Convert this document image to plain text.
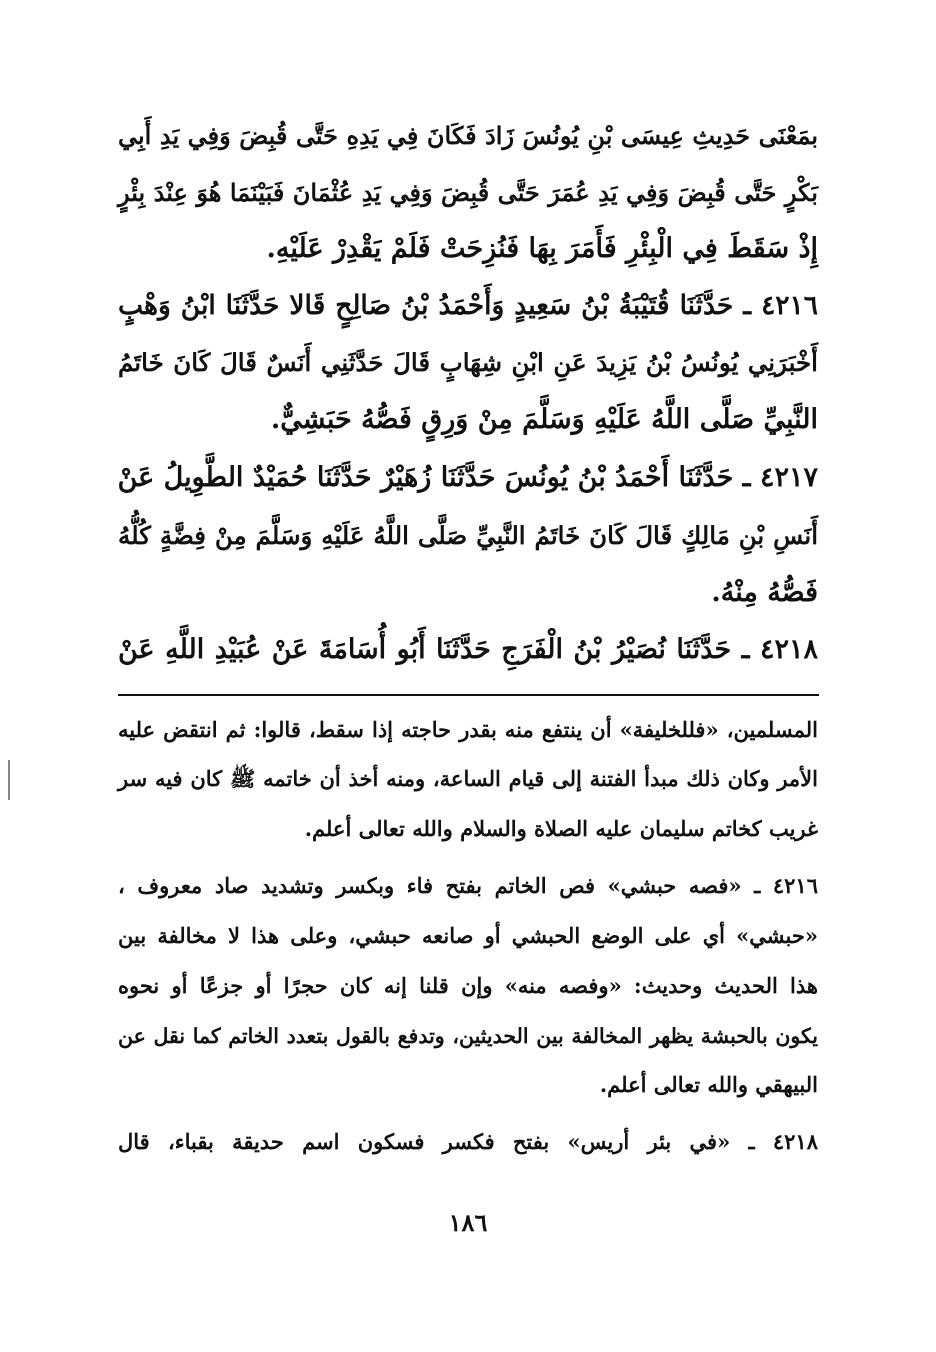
بمَعْنَى حَدِيثِ عِيسَى بْنِ يُونُسَ زَادَ فَكَانَ فِي يَدِهِ حَتَّى قُبِضَ وَفِي يَدِ أَبِي
بَكْرٍ حَتَّى قُبِضَ وَفِي يَدِ عُمَرَ حَتَّى قُبِضَ وَفِي يَدِ عُثْمَانَ فَبَيْنَمَا هُوَ عِنْدَ بِئْرٍ
إِذْ سَقَطَ فِي الْبِئْرِ فَأَمَرَ بِهَا فَنُزِحَتْ فَلَمْ يَقْدِرْ عَلَيْهِ.
٤٢١٦ ـ حَدَّثَنَا قُتَيْبَةُ بْنُ سَعِيدٍ وَأَحْمَدُ بْنُ صَالِحٍ قَالا حَدَّثَنَا ابْنُ وَهْبٍ
أَخْبَرَنِي يُونُسُ بْنُ يَزِيدَ عَنِ ابْنِ شِهَابٍ قَالَ حَدَّثَنِي أَنَسٌ قَالَ كَانَ خَاتَمُ
النَّبِيِّ صَلَّى اللَّهُ عَلَيْهِ وَسَلَّمَ مِنْ وَرِقٍ فَصُّهُ حَبَشِيٌّ.
٤٢١٧ ـ حَدَّثَنَا أَحْمَدُ بْنُ يُونُسَ حَدَّثَنَا زُهَيْرٌ حَدَّثَنَا حُمَيْدٌ الطَّوِيلُ عَنْ
أَنَسِ بْنِ مَالِكٍ قَالَ كَانَ خَاتَمُ النَّبِيِّ صَلَّى اللَّهُ عَلَيْهِ وَسَلَّمَ مِنْ فِضَّةٍ كُلُّهُ
فَصُّهُ مِنْهُ.
٤٢١٨ ـ حَدَّثَنَا نُصَيْرُ بْنُ الْفَرَجِ حَدَّثَنَا أَبُو أُسَامَةَ عَنْ عُبَيْدِ اللَّهِ عَنْ
المسلمين، «فللخليفة» أن ينتفع منه بقدر حاجته إذا سقط، قالوا: ثم انتقض عليه
الأمر وكان ذلك مبدأ الفتنة إلى قيام الساعة، ومنه أخذ أن خاتمه ﷺ كان فيه سر
غريب كخاتم سليمان عليه الصلاة والسلام والله تعالى أعلم.
٤٢١٦ ـ «فصه حبشي» فص الخاتم بفتح فاء وبكسر وتشديد صاد معروف ،
«حبشي» أي على الوضع الحبشي أو صانعه حبشي، وعلى هذا لا مخالفة بين
هذا الحديث وحديث: «وفصه منه» وإن قلنا إنه كان حجرًا أو جزعًا أو نحوه
يكون بالحبشة يظهر المخالفة بين الحديثين، وتدفع بالقول بتعدد الخاتم كما نقل عن
البيهقي والله تعالى أعلم.
٤٢١٨ ـ «في بئر أريس» بفتح فكسر فسكون اسم حديقة بقباء، قال
١٨٦
